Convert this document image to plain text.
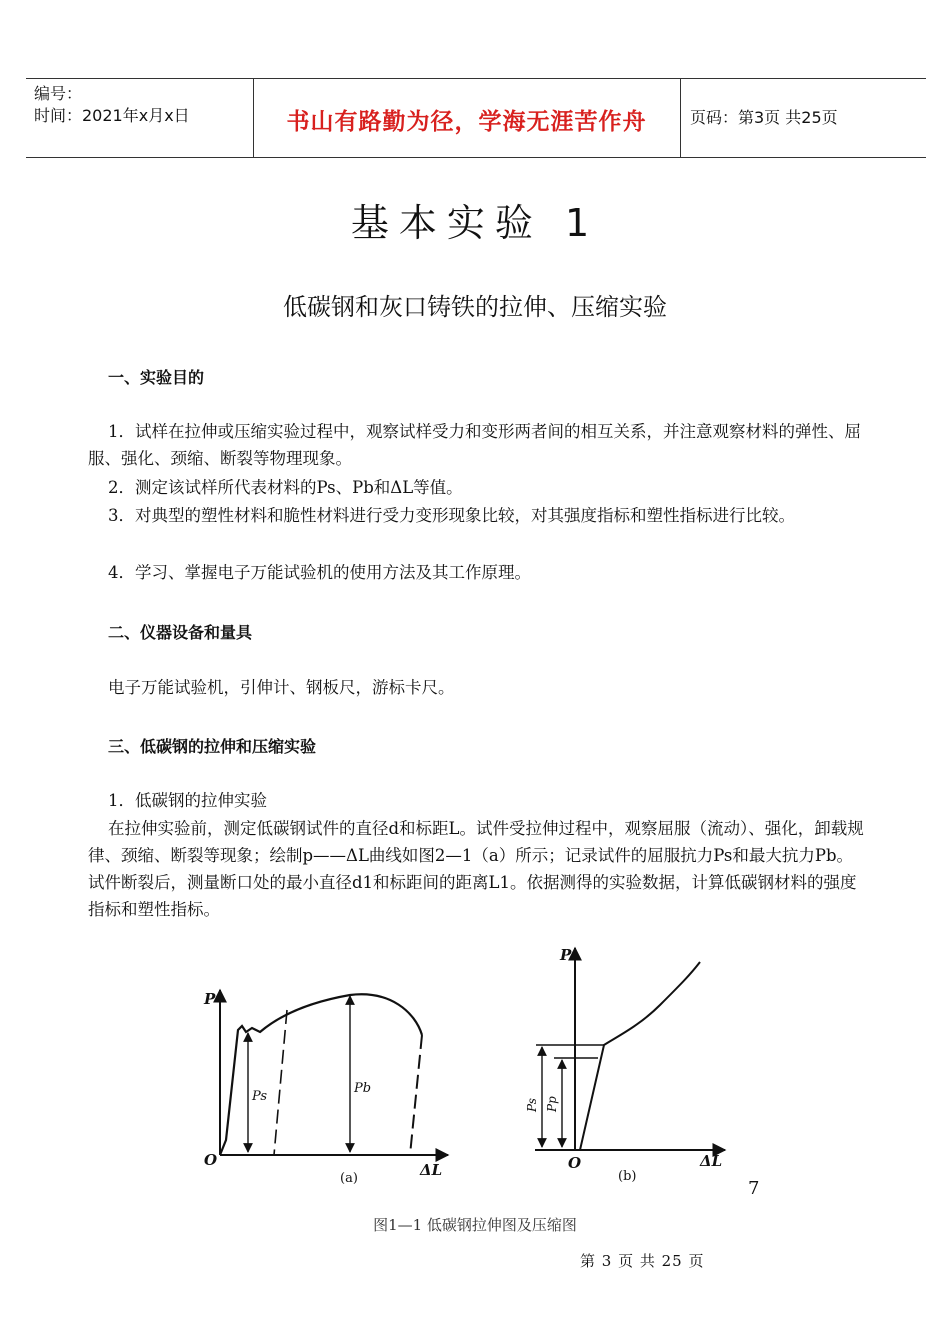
编号：
时间：2021年x月x日	书山有路勤为径，学海无涯苦作舟	页码：第3页 共25页
基本实验 1
低碳钢和灰口铸铁的拉伸、压缩实验
一、实验目的
1．试样在拉伸或压缩实验过程中，观察试样受力和变形两者间的相互关系，并注意观察材料的弹性、屈服、强化、颈缩、断裂等物理现象。
2．测定该试样所代表材料的Ps、Pb和ΔL等值。
3．对典型的塑性材料和脆性材料进行受力变形现象比较，对其强度指标和塑性指标进行比较。
4．学习、掌握电子万能试验机的使用方法及其工作原理。
二、仪器设备和量具
电子万能试验机，引伸计、钢板尺，游标卡尺。
三、低碳钢的拉伸和压缩实验
1．低碳钢的拉伸实验
在拉伸实验前，测定低碳钢试件的直径d和标距L。试件受拉伸过程中，观察屈服（流动）、强化，卸载规律、颈缩、断裂等现象；绘制p——ΔL曲线如图2—1（a）所示；记录试件的屈服抗力Ps和最大抗力Pb。试件断裂后，测量断口处的最小直径d1和标距间的距离L1。依据测得的实验数据，计算低碳钢材料的强度指标和塑性指标。
P
O
ΔL
Ps
Pb
(a)
P
O	ΔL
Ps Pp
(b)
7
图1—1 低碳钢拉伸图及压缩图
第 3 页 共 25 页
